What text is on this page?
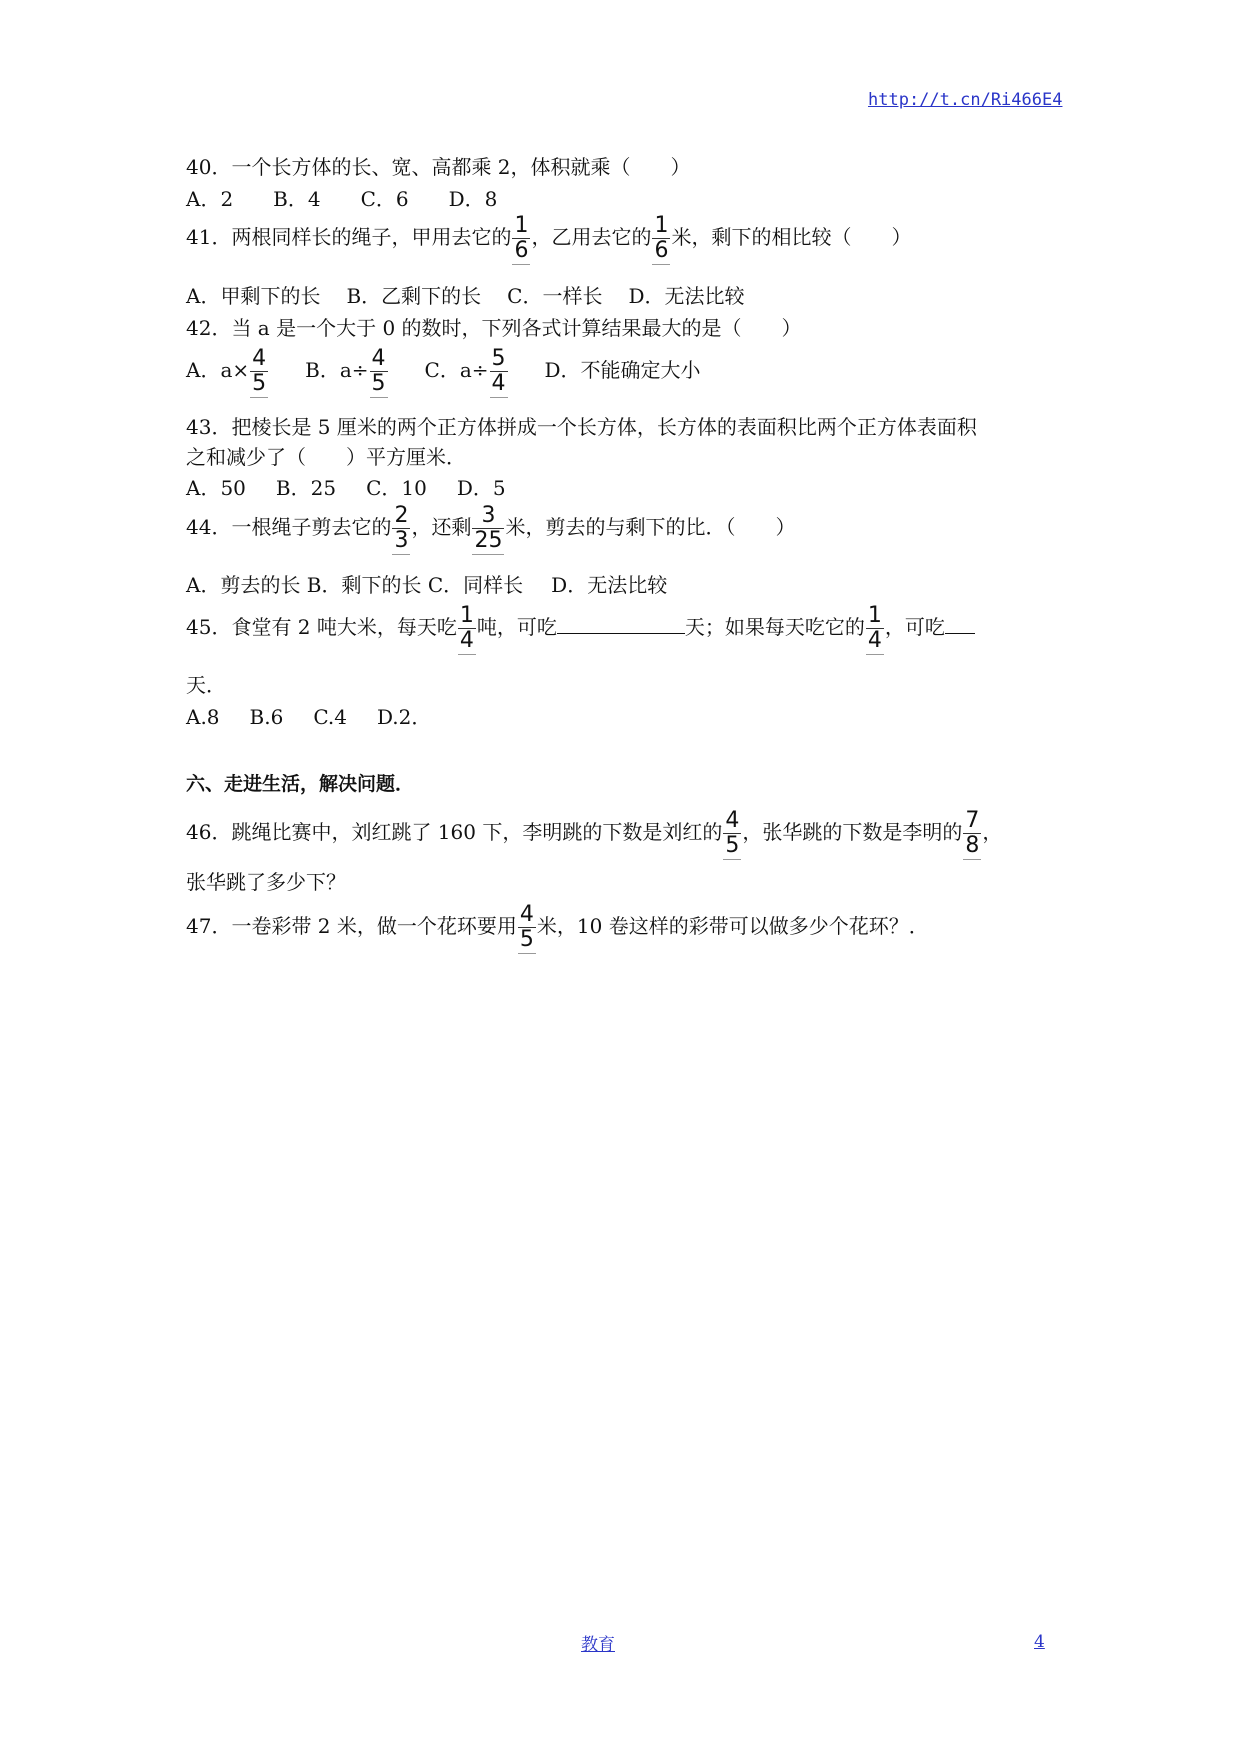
http://t.cn/Ri466E4
40．一个长方体的长、宽、高都乘 2，体积就乘（　　）
A．2 B．4 C．6 D．8
41．两根同样长的绳子，甲用去它的 $\frac{1}{6}$ ，乙用去它的 $\frac{1}{6}$ 米，剩下的相比较（　　）
A．甲剩下的长 B．乙剩下的长 C．一样长 D．无法比较
42．当 a 是一个大于 0 的数时，下列各式计算结果最大的是（　　）
A．$a\times \frac{4}{5}$ B．$a\div \frac{4}{5}$ C．$a\div \frac{5}{4}$ D．不能确定大小
43．把棱长是 5 厘米的两个正方体拼成一个长方体，长方体的表面积比两个正方体表面积
之和减少了（　　）平方厘米．
A．50 B．25 C．10 D．5
44．一根绳子剪去它的 $\frac{2}{3}$ ，还剩 $\frac{3}{25}$ 米，剪去的与剩下的比．（　　）
A．剪去的长 B．剩下的长 C．同样长 D．无法比较
45．食堂有 2 吨大米，每天吃 $\frac{1}{4}$ 吨，可吃	天；如果每天吃它的 $\frac{1}{4}$ ，可吃
天．
A.8 B.6 C.4 D.2．
六、走进生活，解决问题．
46．跳绳比赛中，刘红跳了 160 下，李明跳的下数是刘红的 $\frac{4}{5}$ ，张华跳的下数是李明的 $\frac{7}{8}$ ，
张华跳了多少下？
47．一卷彩带 2 米，做一个花环要用 $\frac{4}{5}$ 米，10 卷这样的彩带可以做多少个花环？．
教育	4
